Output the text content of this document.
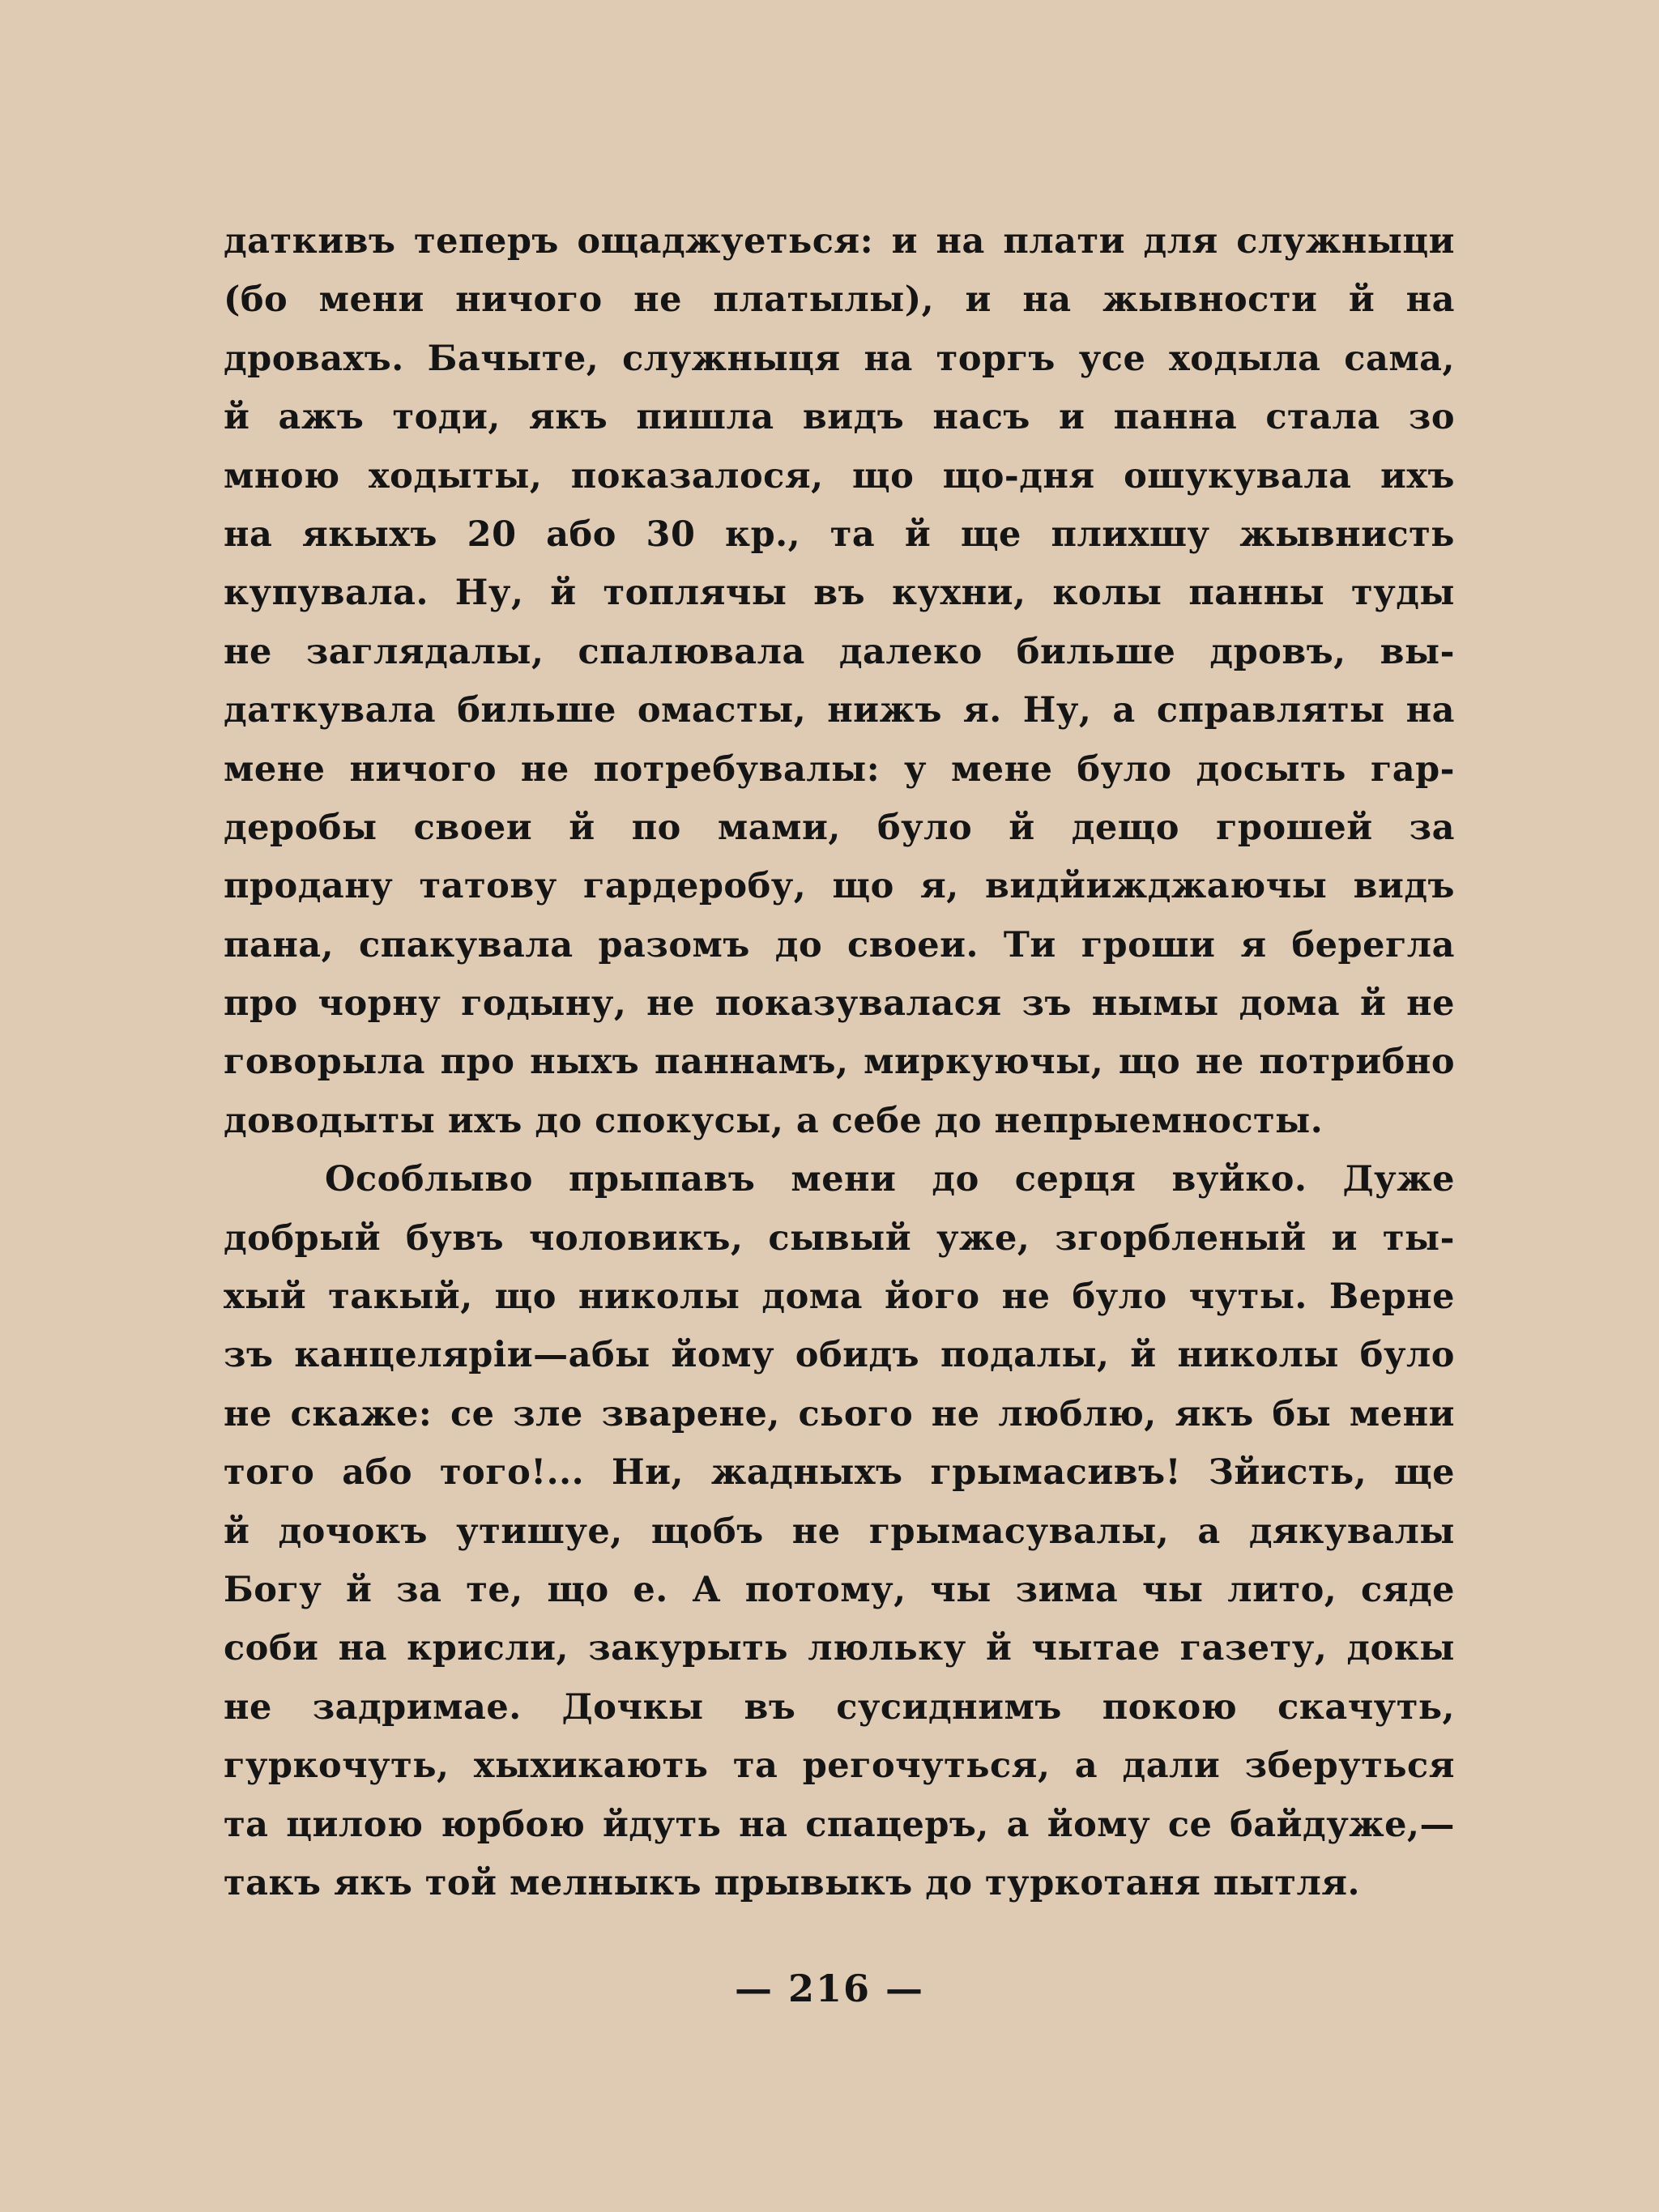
даткивъ теперъ ощаджуеться: и на плати для служныци
(бо мени ничого не платылы), и на жывности й на
дровахъ. Бачыте, служныця на торгъ усе ходыла сама,
й ажъ тоди, якъ пишла видъ насъ и панна стала зо
мною ходыты, показалося, що що-дня ошукувала ихъ
на якыхъ 20 або 30 кр., та й ще плихшу жывнисть
купувала. Ну, й топлячы въ кухни, колы панны туды
не заглядалы, спалювала далеко бильше дровъ, вы-
даткувала бильше омасты, нижъ я. Ну, а справляты на
мене ничого не потребувалы: у мене було досыть гар-
деробы своеи й по мами, було й дещо грошей за
продану татову гардеробу, що я, видйижджаючы видъ
пана, спакувала разомъ до своеи. Ти гроши я берегла
про чорну годыну, не показувалася зъ нымы дома й не
говорыла про ныхъ паннамъ, миркуючы, що не потрибно
доводыты ихъ до спокусы, а себе до непрыемносты.
Особлыво прыпавъ мени до серця вуйко. Дуже
добрый бувъ чоловикъ, сывый уже, згорбленый и ты-
хый такый, що николы дома його не було чуты. Верне
зъ канцеляріи—абы йому обидъ подалы, й николы було
не скаже: се зле зварене, сього не люблю, якъ бы мени
того або того!... Ни, жадныхъ грымасивъ! Зйисть, ще
й дочокъ утишуе, щобъ не грымасувалы, а дякувалы
Богу й за те, що е. А потому, чы зима чы лито, сяде
соби на крисли, закурыть люльку й чытае газету, докы
не задримае. Дочкы въ сусиднимъ покою скачуть,
гуркочуть, хыхикають та регочуться, а дали зберуться
та цилою юрбою йдуть на спацеръ, а йому се байдуже,—
такъ якъ той мелныкъ прывыкъ до туркотаня пытля.
— 216 —
